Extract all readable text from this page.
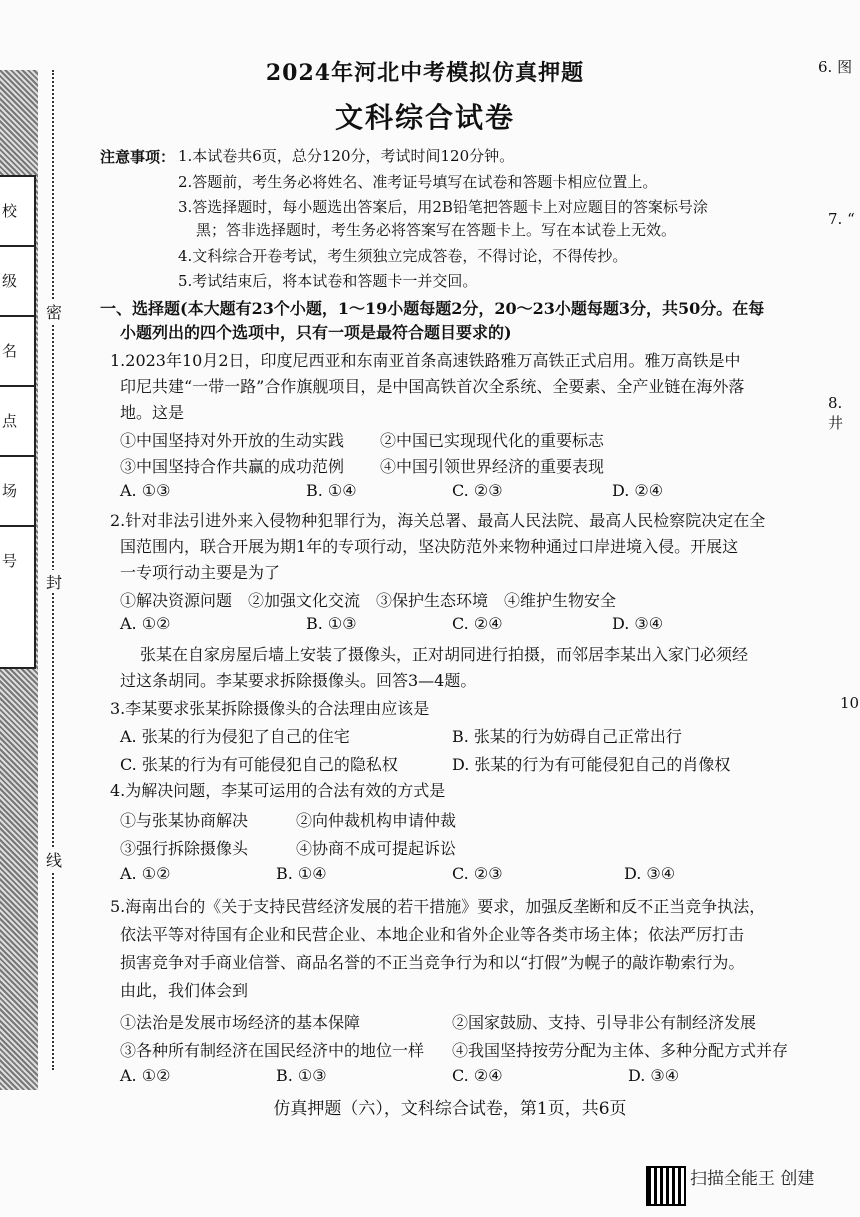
校
级
名
点
场
号
密
封
线
2024年河北中考模拟仿真押题
文科综合试卷
注意事项： 1.本试卷共6页，总分120分，考试时间120分钟。
2.答题前，考生务必将姓名、准考证号填写在试卷和答题卡相应位置上。
3.答选择题时，每小题选出答案后，用2B铅笔把答题卡上对应题目的答案标号涂
黑；答非选择题时，考生务必将答案写在答题卡上。写在本试卷上无效。
4.文科综合开卷考试，考生须独立完成答卷，不得讨论，不得传抄。
5.考试结束后，将本试卷和答题卡一并交回。
一、选择题(本大题有23个小题，1～19小题每题2分，20～23小题每题3分，共50分。在每
小题列出的四个选项中，只有一项是最符合题目要求的)
1.2023年10月2日，印度尼西亚和东南亚首条高速铁路雅万高铁正式启用。雅万高铁是中
印尼共建“一带一路”合作旗舰项目，是中国高铁首次全系统、全要素、全产业链在海外落
地。这是
①中国坚持对外开放的生动实践 ②中国已实现现代化的重要标志
③中国坚持合作共赢的成功范例 ④中国引领世界经济的重要表现
A. ①③	B. ①④	C. ②③	D. ②④
2.针对非法引进外来入侵物种犯罪行为，海关总署、最高人民法院、最高人民检察院决定在全
国范围内，联合开展为期1年的专项行动，坚决防范外来物种通过口岸进境入侵。开展这
一专项行动主要是为了
①解决资源问题　②加强文化交流　③保护生态环境　④维护生物安全
A. ①②	B. ①③	C. ②④	D. ③④
张某在自家房屋后墙上安装了摄像头，正对胡同进行拍摄，而邻居李某出入家门必须经
过这条胡同。李某要求拆除摄像头。回答3—4题。
3.李某要求张某拆除摄像头的合法理由应该是
A. 张某的行为侵犯了自己的住宅	B. 张某的行为妨碍自己正常出行
C. 张某的行为有可能侵犯自己的隐私权	D. 张某的行为有可能侵犯自己的肖像权
4.为解决问题，李某可运用的合法有效的方式是
①与张某协商解决	②向仲裁机构申请仲裁
③强行拆除摄像头	④协商不成可提起诉讼
A. ①②	B. ①④	C. ②③	D. ③④
5.海南出台的《关于支持民营经济发展的若干措施》要求，加强反垄断和反不正当竞争执法，
依法平等对待国有企业和民营企业、本地企业和省外企业等各类市场主体；依法严厉打击
损害竞争对手商业信誉、商品名誉的不正当竞争行为和以“打假”为幌子的敲诈勒索行为。
由此，我们体会到
①法治是发展市场经济的基本保障	②国家鼓励、支持、引导非公有制经济发展
③各种所有制经济在国民经济中的地位一样 ④我国坚持按劳分配为主体、多种分配方式并存
A. ①②	B. ①③	C. ②④	D. ③④
仿真押题（六），文科综合试卷，第1页，共6页
6. 图
7. “
8. 井
10
扫描全能王 创建
